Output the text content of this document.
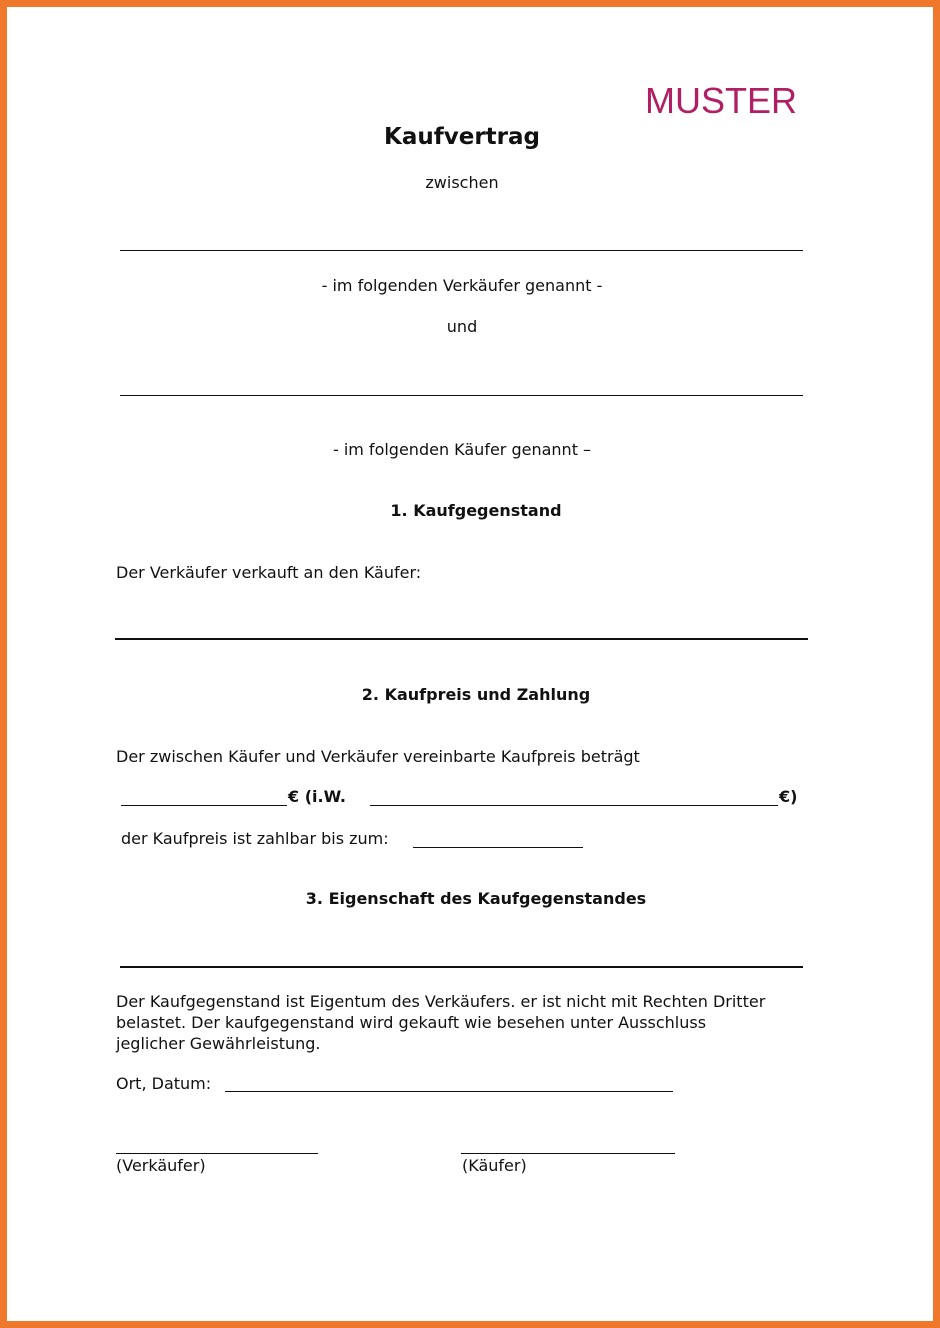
MUSTER
Kaufvertrag
zwischen
- im folgenden Verkäufer genannt -
und
- im folgenden Käufer genannt –
1. Kaufgegenstand
Der Verkäufer verkauft an den Käufer:
2. Kaufpreis und Zahlung
Der zwischen Käufer und Verkäufer vereinbarte Kaufpreis beträgt
€ (i.W.	€)
der Kaufpreis ist zahlbar bis zum:
3. Eigenschaft des Kaufgegenstandes
Der Kaufgegenstand ist Eigentum des Verkäufers. er ist nicht mit Rechten Dritter
belastet. Der kaufgegenstand wird gekauft wie besehen unter Ausschluss
jeglicher Gewährleistung.
Ort, Datum:
(Verkäufer)	(Käufer)
